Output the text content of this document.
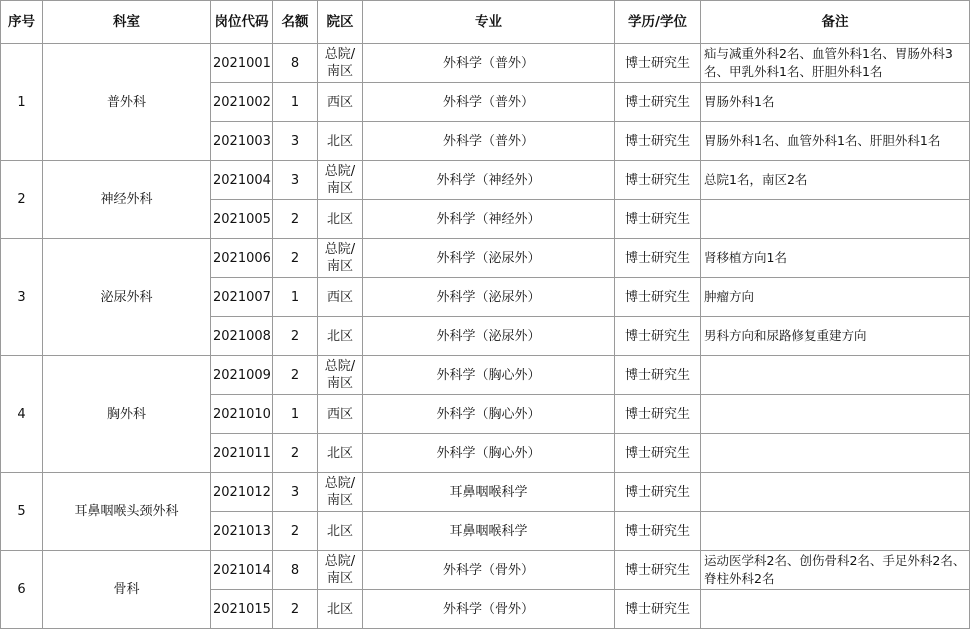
序号	科室	岗位代码	名额	院区	专业	学历/学位	备注
1	普外科	2021001	8	总院/南区	外科学（普外）	博士研究生	疝与减重外科2名、血管外科1名、胃肠外科3名、甲乳外科1名、肝胆外科1名
		2021002	1	西区	外科学（普外）	博士研究生	胃肠外科1名
		2021003	3	北区	外科学（普外）	博士研究生	胃肠外科1名、血管外科1名、肝胆外科1名
2	神经外科	2021004	3	总院/南区	外科学（神经外）	博士研究生	总院1名，南区2名
		2021005	2	北区	外科学（神经外）	博士研究生	
3	泌尿外科	2021006	2	总院/南区	外科学（泌尿外）	博士研究生	肾移植方向1名
		2021007	1	西区	外科学（泌尿外）	博士研究生	肿瘤方向
		2021008	2	北区	外科学（泌尿外）	博士研究生	男科方向和尿路修复重建方向
4	胸外科	2021009	2	总院/南区	外科学（胸心外）	博士研究生	
		2021010	1	西区	外科学（胸心外）	博士研究生	
		2021011	2	北区	外科学（胸心外）	博士研究生	
5	耳鼻咽喉头颈外科	2021012	3	总院/南区	耳鼻咽喉科学	博士研究生	
		2021013	2	北区	耳鼻咽喉科学	博士研究生	
6	骨科	2021014	8	总院/南区	外科学（骨外）	博士研究生	运动医学科2名、创伤骨科2名、手足外科2名、脊柱外科2名
		2021015	2	北区	外科学（骨外）	博士研究生	
